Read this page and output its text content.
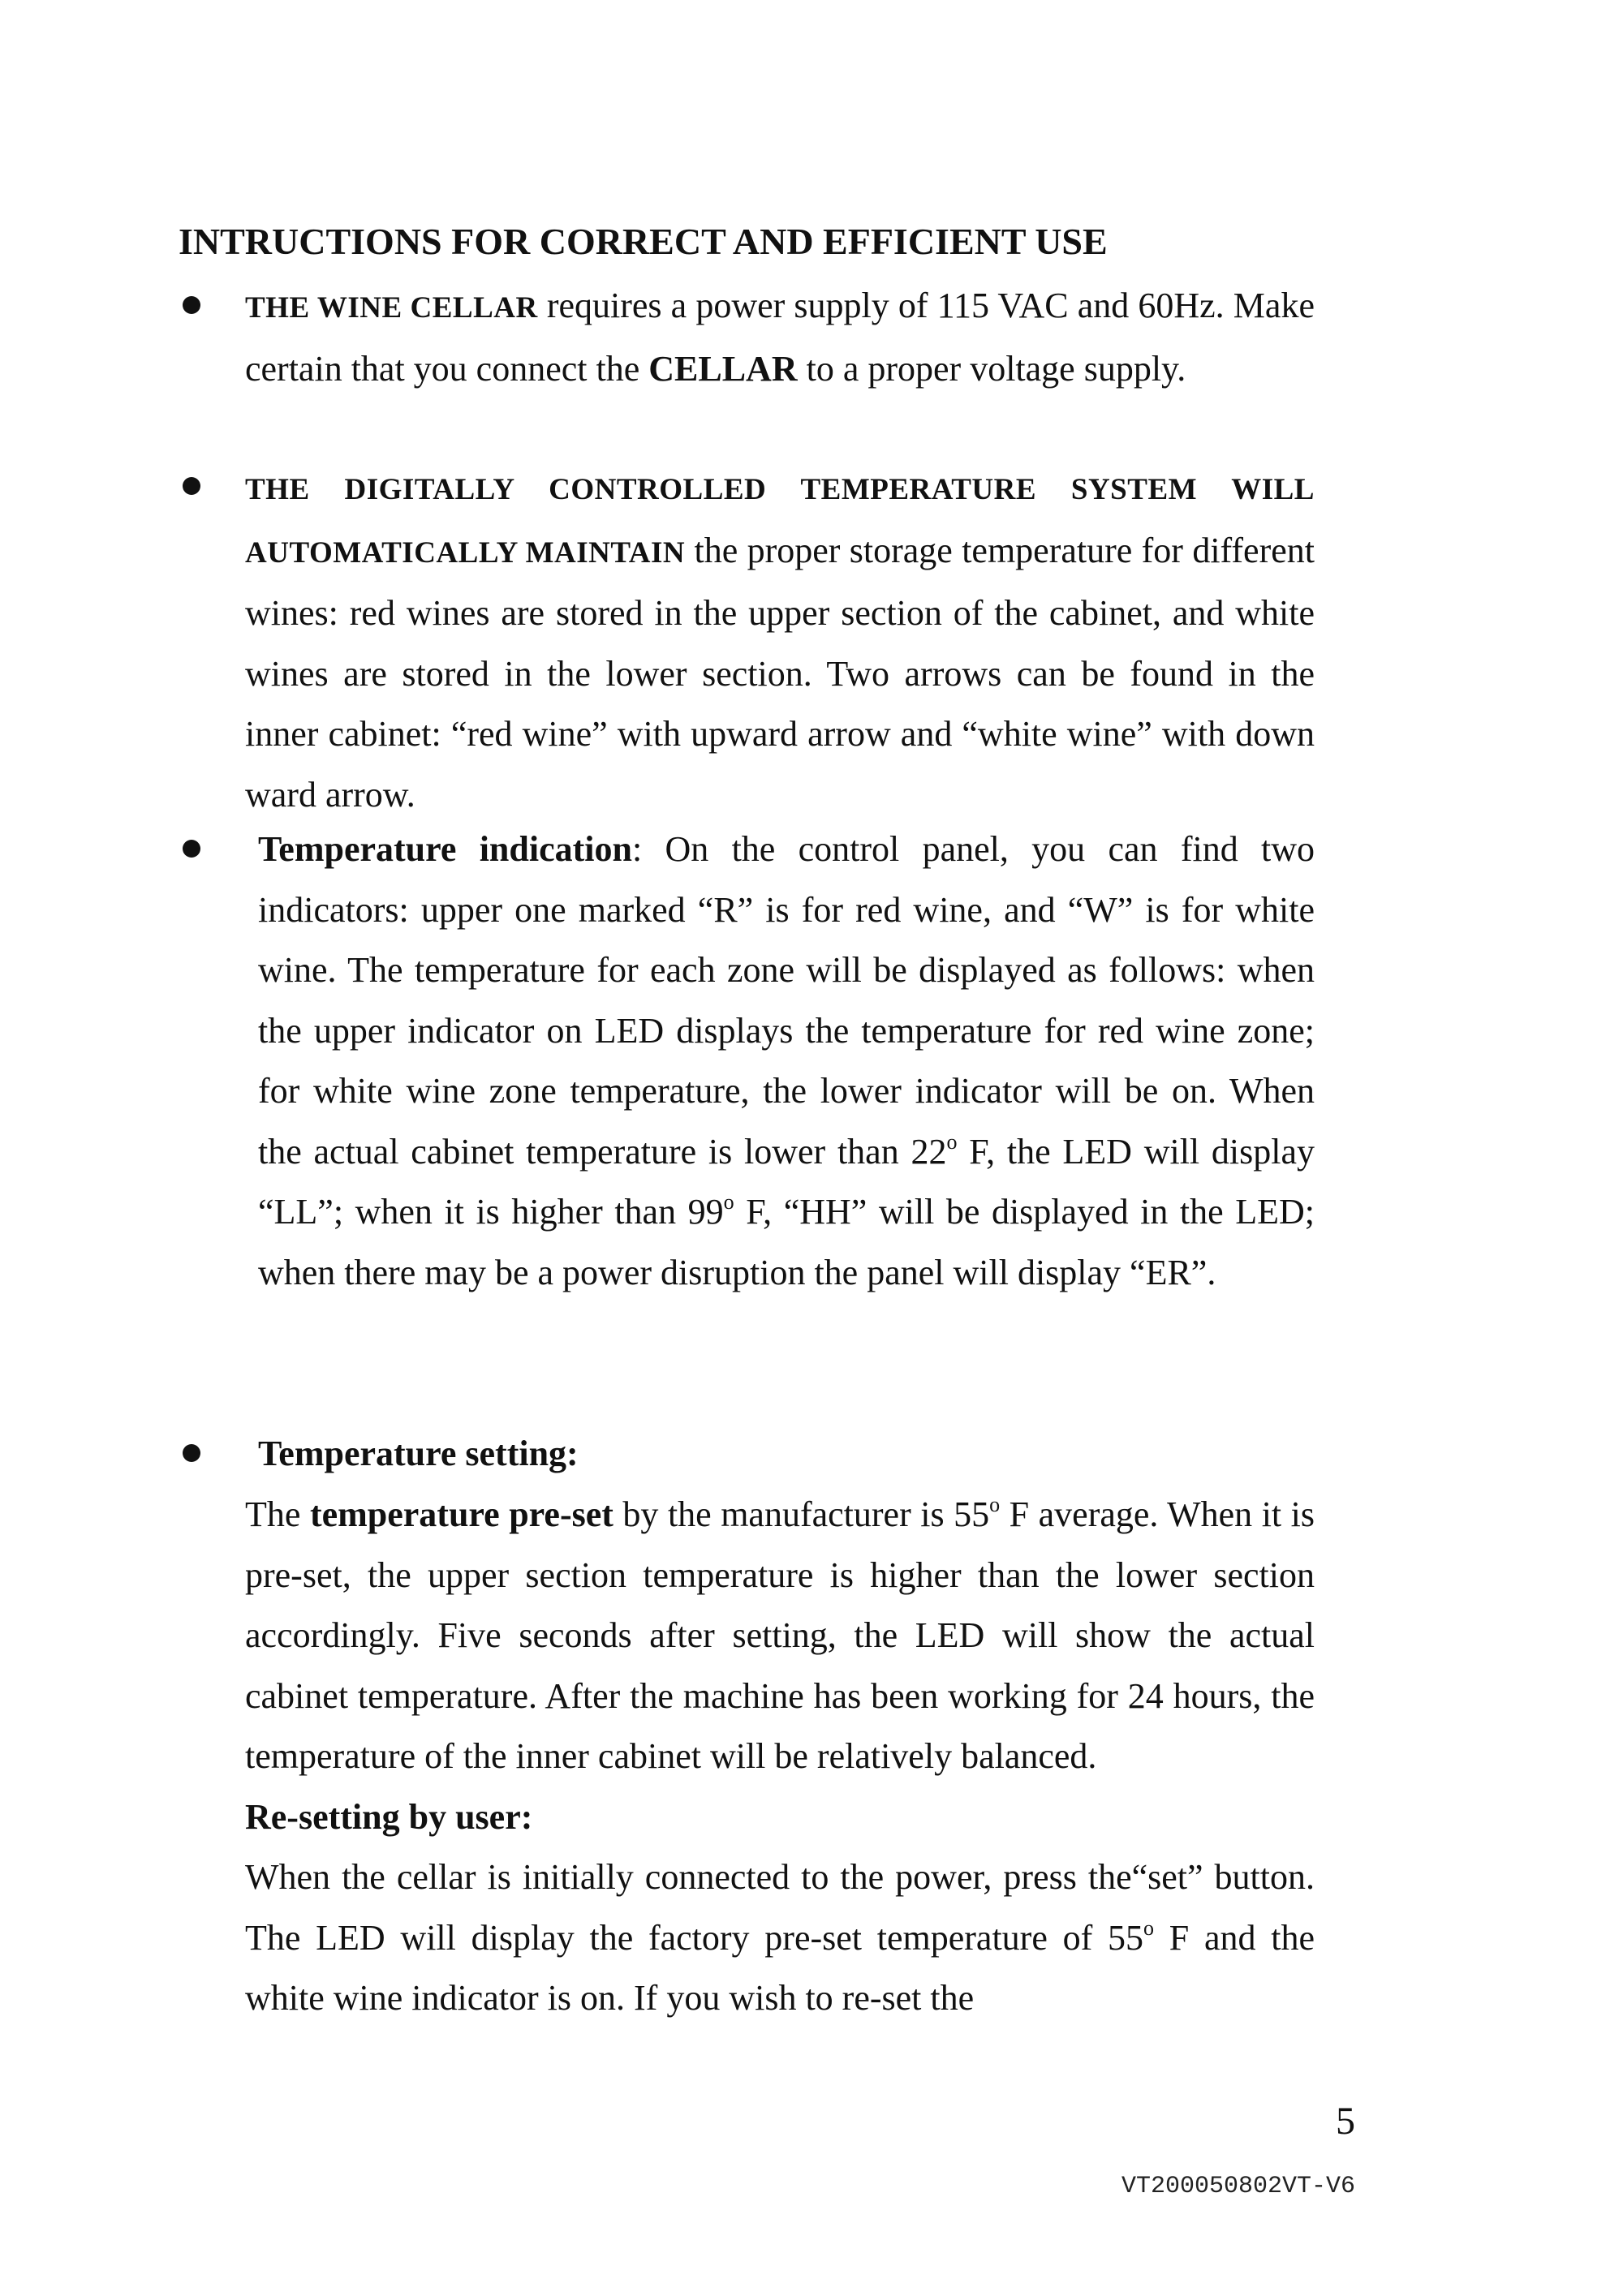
INTRUCTIONS FOR CORRECT AND EFFICIENT USE
THE WINE CELLAR requires a power supply of 115 VAC and 60Hz. Make certain that you connect the CELLAR to a proper voltage supply.
THE DIGITALLY CONTROLLED TEMPERATURE SYSTEM WILL AUTOMATICALLY MAINTAIN the proper storage temperature for different wines: red wines are stored in the upper section of the cabinet, and white wines are stored in the lower section. Two arrows can be found in the inner cabinet: “red wine” with upward arrow and “white wine” with down ward arrow.
Temperature indication: On the control panel, you can find two indicators: upper one marked “R” is for red wine, and “W” is for white wine. The temperature for each zone will be displayed as follows: when the upper indicator on LED displays the temperature for red wine zone; for white wine zone temperature, the lower indicator will be on. When the actual cabinet temperature is lower than 22$^o$ F, the LED will display “LL”; when it is higher than 99$^o$ F, “HH” will be displayed in the LED; when there may be a power disruption the panel will display “ER”.
Temperature setting:

The temperature pre-set by the manufacturer is 55$^o$ F average. When it is pre-set, the upper section temperature is higher than the lower section accordingly. Five seconds after setting, the LED will show the actual cabinet temperature. After the machine has been working for 24 hours, the temperature of the inner cabinet will be relatively balanced.

Re-setting by user:

When the cellar is initially connected to the power, press the“set” button. The LED will display the factory pre-set temperature of 55$^o$ F and the white wine indicator is on. If you wish to re-set the

5
VT200050802VT-V6
